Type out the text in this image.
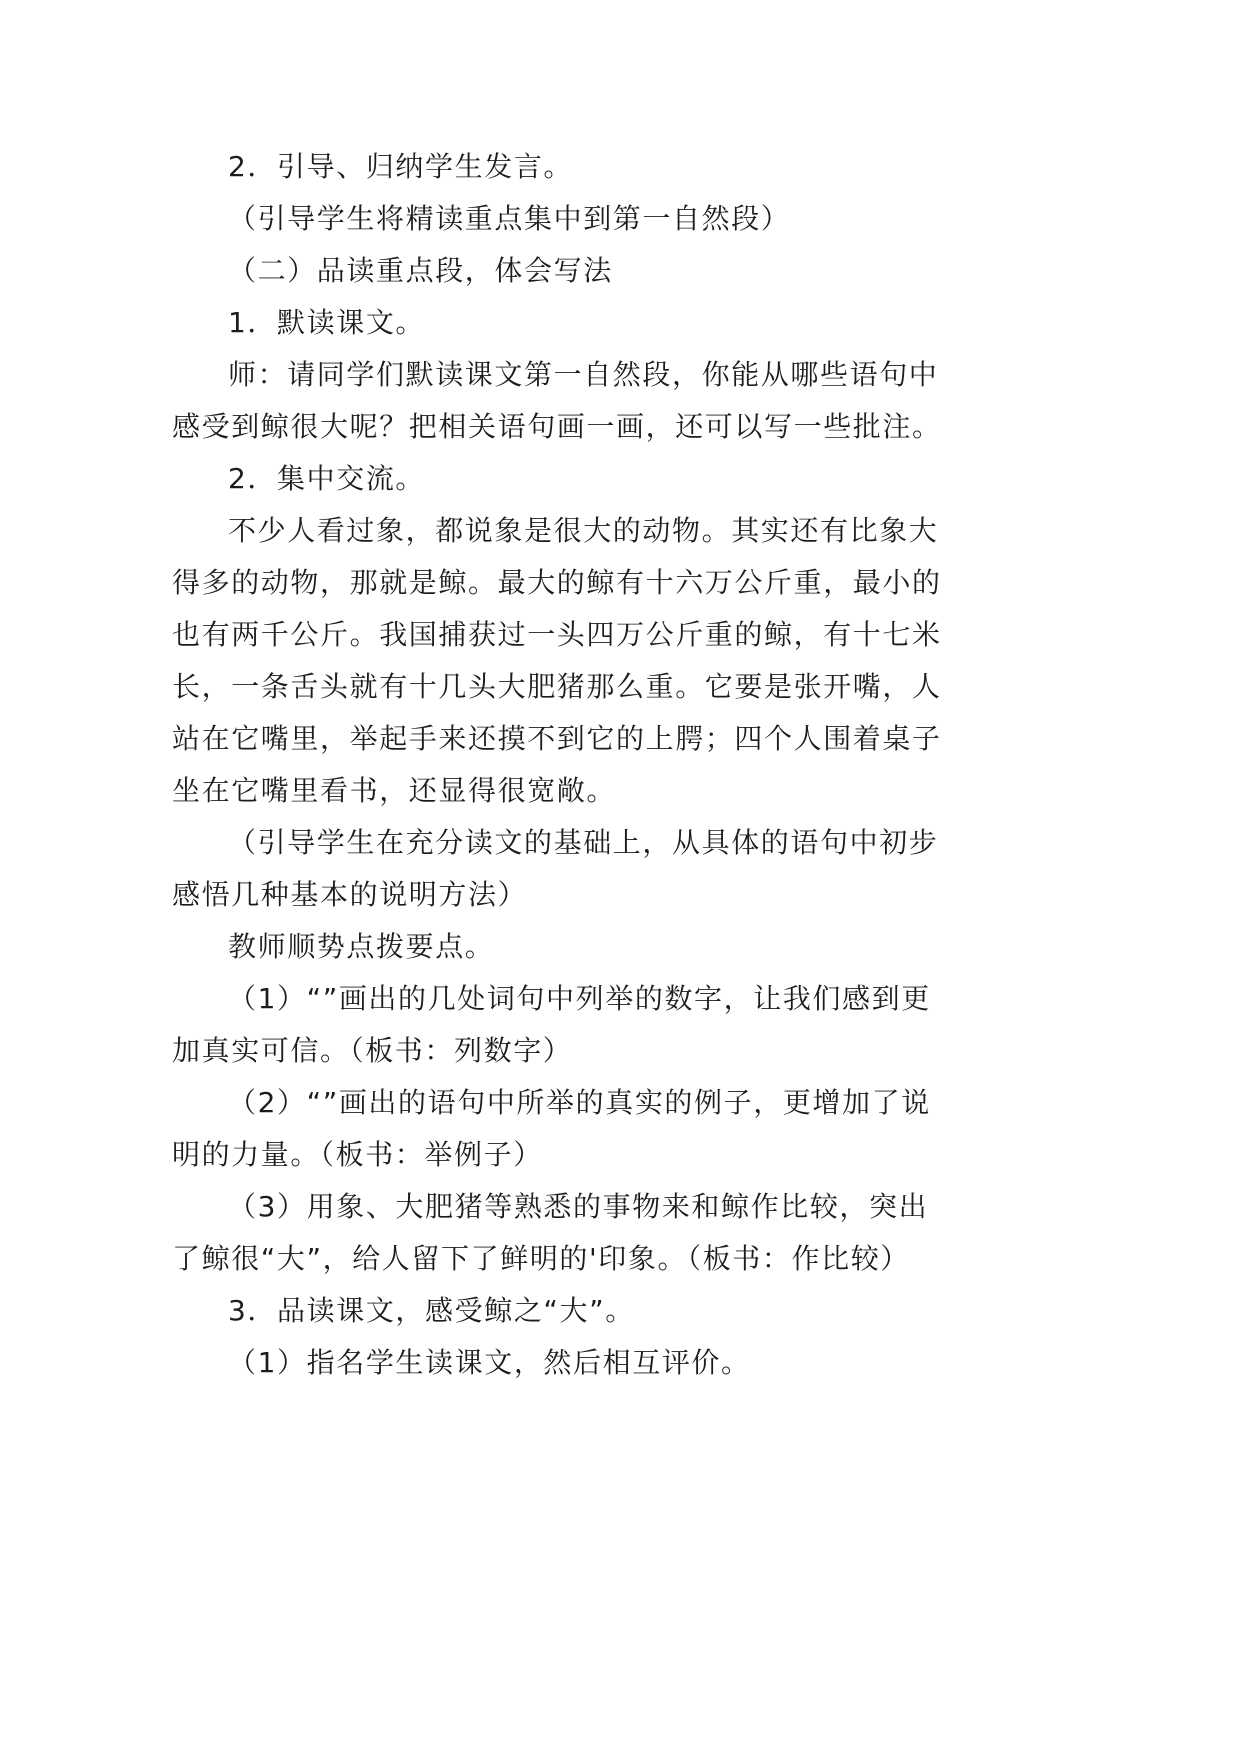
2．引导、归纳学生发言。
（引导学生将精读重点集中到第一自然段）
（二）品读重点段，体会写法
1．默读课文。
师：请同学们默读课文第一自然段，你能从哪些语句中
感受到鲸很大呢？把相关语句画一画，还可以写一些批注。
2．集中交流。
不少人看过象，都说象是很大的动物。其实还有比象大
得多的动物，那就是鲸。最大的鲸有十六万公斤重，最小的
也有两千公斤。我国捕获过一头四万公斤重的鲸，有十七米
长，一条舌头就有十几头大肥猪那么重。它要是张开嘴，人
站在它嘴里，举起手来还摸不到它的上腭；四个人围着桌子
坐在它嘴里看书，还显得很宽敞。
（引导学生在充分读文的基础上，从具体的语句中初步
感悟几种基本的说明方法）
教师顺势点拨要点。
（1）“”画出的几处词句中列举的数字，让我们感到更
加真实可信。（板书：列数字）
（2）“”画出的语句中所举的真实的例子，更增加了说
明的力量。（板书：举例子）
（3）用象、大肥猪等熟悉的事物来和鲸作比较，突出
了鲸很“大”，给人留下了鲜明的'印象。（板书：作比较）
3．品读课文，感受鲸之“大”。
（1）指名学生读课文，然后相互评价。
